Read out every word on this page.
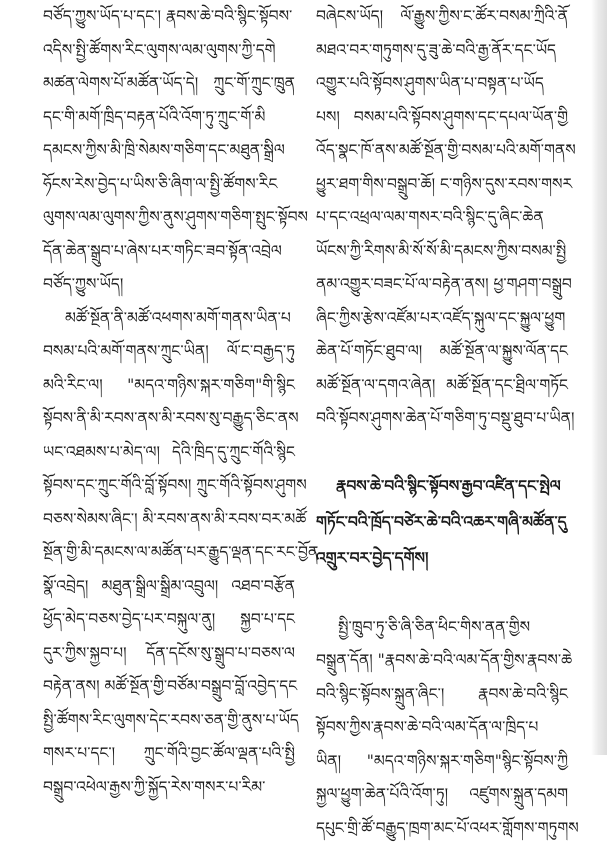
བཙོད་ཀྱུས་ཡོད་པ་དང་། རྣབས་ཆེ་བའི་སྙིང་སྟོབས་
འདིས་སྤྱི་ཚོགས་རིང་ལུགས་ལམ་ལུགས་ཀྱི་དགེ
མཚན་ལེགས་པོ་མཚོན་ཡོད་དེ། ཀྲུང་གོ་ཀྲུང་ཁྲུན
དང་གི་མགོ་ཁྲིད་བརྟན་པོའི་འོག་ཏུ་ཀྲུང་གོ་མི
དམངས་ཀྱིས་མི་ཁྲི་སེམས་གཅིག་དང་མཐུན་སྒྲིལ
ཧོངས་རེས་བྱེད་པ་ཡིས་ཅི་ཞིག་ལ་སྤྱི་ཚོགས་རིང
ལུགས་ལམ་ལུགས་ཀྱིས་ནུས་ཤུགས་གཅིག་སྤུང་སྟོབས
དོན་ཆེན་སྒྲུབ་པ་ཞེས་པར་གཏིང་ཟབ་སྟོན་འབྲེལ
བཙོད་ཀྱུས་ཡོད།
མཚོ་སྔོན་ནི་མཚོ་འཕགས་མགོ་གནས་ཡིན་པ
བསམ་པའི་མགོ་གནས་ཀྲུང་ཡིན། ལོ་ང་བརྒྱད་ཏུ
མའི་རིང་ལ། "མདའ་གཉིས་སྐར་གཅིག"གི་སྙིང
སྟོབས་ནི་མི་རབས་ནས་མི་རབས་སུ་བརྒྱུད་ཅིང་ནས
ཡང་འཐམས་པ་མེད་ལ། དེའི་ཁྲིད་དུ་ཀྲུང་གོའི་སྙིང
སྟོབས་དང་ཀྲུང་གོའི་བློ་སྟོབས། ཀྲུང་གོའི་སྟོབས་ཤུགས
བཅས་སེམས་ཞིང་། མི་རབས་ནས་མི་རབས་བར་མཚོ
སྔོན་གྱི་མི་དམངས་ལ་མཚོན་པར་རྒྱུད་ལྡན་དང་རང་བྱོན
སྣོ་འབྲེད། མཐུན་སྒྲིལ་སྒྲིམ་འབྲུལ། འཐབ་བརྩོན
ཕྱོད་མེད་བཅས་བྱེད་པར་བསྐུལ་ནུ། སྐྱབ་པ་དང
དུར་ཀྱིས་སྐྱབ་པ། དོན་དངོས་སུ་སྒྲུབ་པ་བཅས་ལ
བརྟེན་ནས། མཚོ་སྔོན་གྱི་བཙོམ་བསྒྲུབ་བློ་འབྱེད་དང
སྤྱི་ཚོགས་རིང་ལུགས་དེང་རབས་ཅན་གྱི་ནུས་པ་ཡོད
གསར་པ་དང་། ཀྲུང་གོའི་བྱང་ཚོལ་ལྡན་པའི་སྤྱི
བསྒྲུབ་འཕེལ་རྒྱས་ཀྱི་སྐྱོད་རེས་གསར་པ་རིམ་
བཞེངས་ཡོད། ལོ་རྒྱུས་ཀྱིས་ང་ཚོར་བསམ་ཀྲིའི་ནོ
མཐའ་བར་གཏུགས་དུ་ཟུ་ཆེ་བའི་རྒྱ་ནོར་དང་ཡོད
འགྱུར་པའི་སྟོབས་ཤུགས་ཡིན་པ་བསྟན་པ་ཡོད
པས། བསམ་པའི་སྟོབས་ཤུགས་དང་དཔལ་ཡོན་གྱི
འོད་སྣང་ཁོ་ནས་མཚོ་སྔོན་གྱི་བསམ་པའི་མགོ་གནས
ཕྱུར་ཐག་གིས་བསྒྲུབ་ཆོ། ང་གཉིས་དུས་རབས་གསར
པ་དང་འཕྲལ་ལམ་གསར་བའི་སྙིང་དུ་ཞིང་ཆེན
ཡོངས་ཀྱི་རིགས་མི་སོ་སོ་མི་དམངས་ཀྱིས་བསམ་སྤྱི
ནམ་འགྱུར་བཟང་པོ་ལ་བརྟེན་ནས། ཕྱ་གཤག་བསྒྲུབ
ཞིང་ཀྱིས་རྩེས་འཛོམ་པར་འཛོད་སྐུལ་དང་སྐྱུལ་ཕྱུག
ཆེན་པོ་གཏོང་ཐུབ་ལ། མཚོ་སྔོན་ལ་སྐྱུས་ལོན་དང
མཚོ་སྔོན་ལ་དགའ་ཞེན། མཚོ་སྔོན་དང་ཐྲིལ་གཏོང
བའི་སྟོབས་ཤུགས་ཆེན་པོ་གཅིག་ཏུ་བསྡུ་ཐུབ་པ་ཡིན།
རྣབས་ཆེ་བའི་སྙིང་སྟོབས་རྒྱབ་འཛིན་དང་སྤེལ
གཏོང་བའི་ཁྲོད་བཙེར་ཆེ་བའི་འཆར་གཞི་མཚོན་དུ
འགྲུར་བར་བྱེད་དགོས།
སྤྱི་ཁྲུབ་ཏུ་ཅི་ཞི་ཅིན་ཕིང་གིས་ནན་གྱིས
བསྒྲུན་དོན། "རྣབས་ཆེ་བའི་ལམ་དོན་གྱིས་རྣབས་ཆེ
བའི་སྙིང་སྟོབས་སྐྲུན་ཞིང་། རྣབས་ཆེ་བའི་སྙིང
སྟོབས་ཀྱིས་རྣབས་ཆེ་བའི་ལམ་དོན་ལ་ཁྲིད་པ
ཡིན། "མདའ་གཉིས་སྐར་གཅིག"སྙིང་སྟོབས་ཀྱི
སྐྱལ་ཕྱུག་ཆེན་པོའི་འོག་ཏུ། འཛུགས་སྐྲུན་དམག
དཔུང་གྲི་ཚོ་བརྒྱུད་ཁྲག་མང་པོ་འཕར་གློགས་གཏུགས
